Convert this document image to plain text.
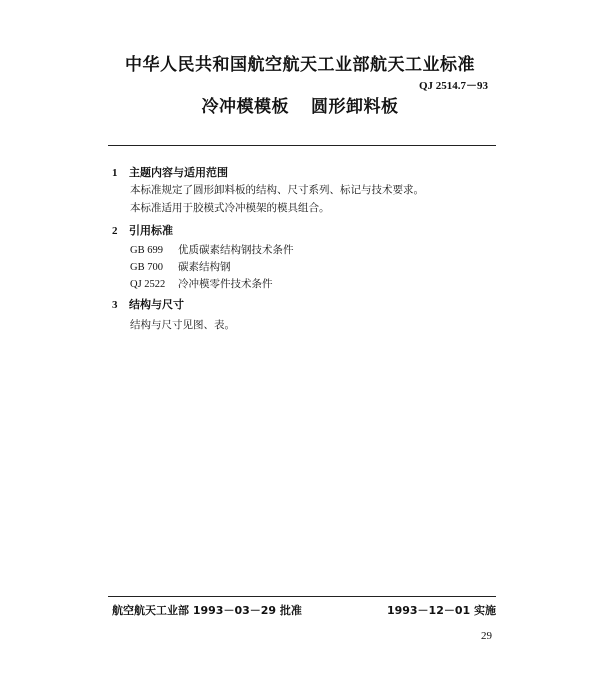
中华人民共和国航空航天工业部航天工业标准
QJ 2514.7－93
冷冲模模板 圆形卸料板
1 主题内容与适用范围
本标准规定了圆形卸料板的结构、尺寸系列、标记与技术要求。
本标准适用于胶模式冷冲模架的模具组合。
2 引用标准
GB 699 优质碳素结构钢技术条件
GB 700 碳素结构钢
QJ 2522 冷冲模零件技术条件
3 结构与尺寸
结构与尺寸见图、表。
航空航天工业部 1993－03－29 批准	1993－12－01 实施
29
